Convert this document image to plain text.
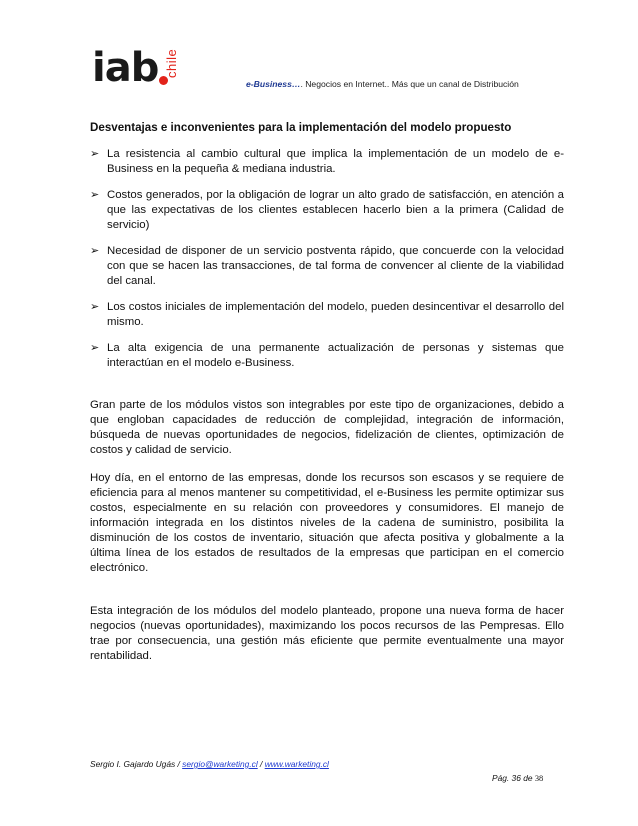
iab chile
e-Business…. Negocios en Internet.. Más que un canal de Distribución

Desventajas e inconvenientes para la implementación del modelo propuesto

➢ La resistencia al cambio cultural que implica la implementación de un modelo de e-Business en la pequeña & mediana industria.
➢ Costos generados, por la obligación de lograr un alto grado de satisfacción, en atención a que las expectativas de los clientes establecen hacerlo bien a la primera (Calidad de servicio)
➢ Necesidad de disponer de un servicio postventa rápido, que concuerde con la velocidad con que se hacen las transacciones, de tal forma de convencer al cliente de la viabilidad del canal.
➢ Los costos iniciales de implementación del modelo, pueden desincentivar el desarrollo del mismo.
➢ La alta exigencia de una permanente actualización de personas y sistemas que interactúan en el modelo e-Business.

Gran parte de los módulos vistos son integrables por este tipo de organizaciones, debido a que engloban capacidades de reducción de complejidad, integración de información, búsqueda de nuevas oportunidades de negocios, fidelización de clientes, optimización de costos y calidad de servicio.

Hoy día, en el entorno de las empresas, donde los recursos son escasos y se requiere de eficiencia para al menos mantener su competitividad, el e-Business les permite optimizar sus costos, especialmente en su relación con proveedores y consumidores. El manejo de información integrada en los distintos niveles de la cadena de suministro, posibilita la disminución de los costos de inventario, situación que afecta positiva y globalmente a la última línea de los estados de resultados de la empresas que participan en el comercio electrónico.

Esta integración de los módulos del modelo planteado, propone una nueva forma de hacer negocios (nuevas oportunidades), maximizando los pocos recursos de las Pempresas. Ello trae por consecuencia, una gestión más eficiente que permite eventualmente una mayor rentabilidad.

Sergio I. Gajardo Ugás / sergio@warketing.cl / www.warketing.cl
Pág. 36 de 38
